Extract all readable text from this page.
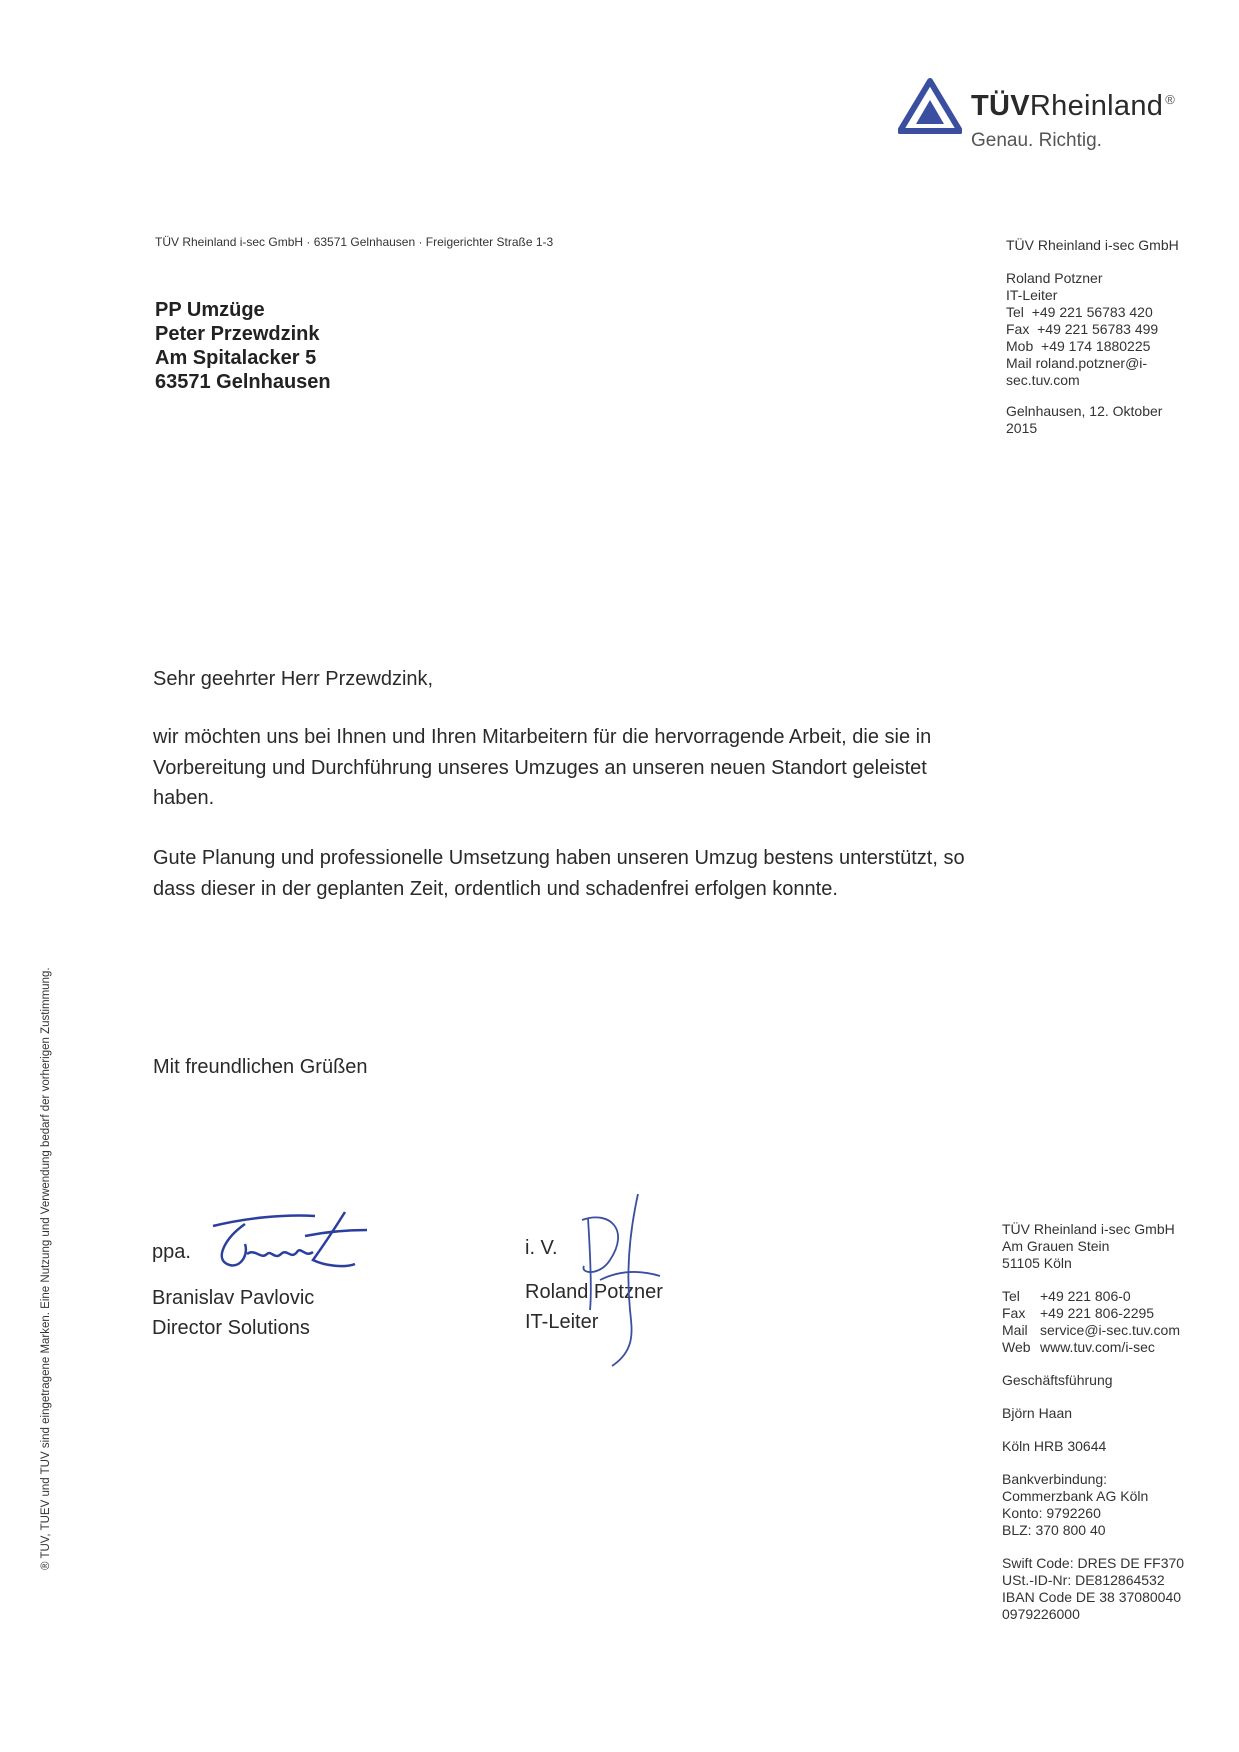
TÜVRheinland ®
Genau. Richtig.
TÜV Rheinland i-sec GmbH · 63571 Gelnhausen · Freigerichter Straße 1-3
PP Umzüge
Peter Przewdzink
Am Spitalacker 5
63571 Gelnhausen
TÜV Rheinland i-sec GmbH
Roland Potzner
IT-Leiter
Tel +49 221 56783 420
Fax +49 221 56783 499
Mob +49 174 1880225
Mail roland.potzner@i-
sec.tuv.com
Gelnhausen, 12. Oktober
2015
Sehr geehrter Herr Przewdzink,
wir möchten uns bei Ihnen und Ihren Mitarbeitern für die hervorragende Arbeit, die sie in Vorbereitung und Durchführung unseres Umzuges an unseren neuen Standort geleistet haben.
Gute Planung und professionelle Umsetzung haben unseren Umzug bestens unterstützt, so dass dieser in der geplanten Zeit, ordentlich und schadenfrei erfolgen konnte.
Mit freundlichen Grüßen
ppa.
Branislav Pavlovic
Director Solutions
i. V.
Roland Potzner
IT-Leiter
TÜV Rheinland i-sec GmbH
Am Grauen Stein
51105 Köln
Tel +49 221 806-0
Fax +49 221 806-2295
Mail service@i-sec.tuv.com
Web www.tuv.com/i-sec
Geschäftsführung
Björn Haan
Köln HRB 30644
Bankverbindung:
Commerzbank AG Köln
Konto: 9792260
BLZ: 370 800 40
Swift Code: DRES DE FF370
USt.-ID-Nr: DE812864532
IBAN Code DE 38 37080040
0979226000
® TUV, TUEV und TUV sind eingetragene Marken. Eine Nutzung und Verwendung bedarf der vorherigen Zustimmung.
